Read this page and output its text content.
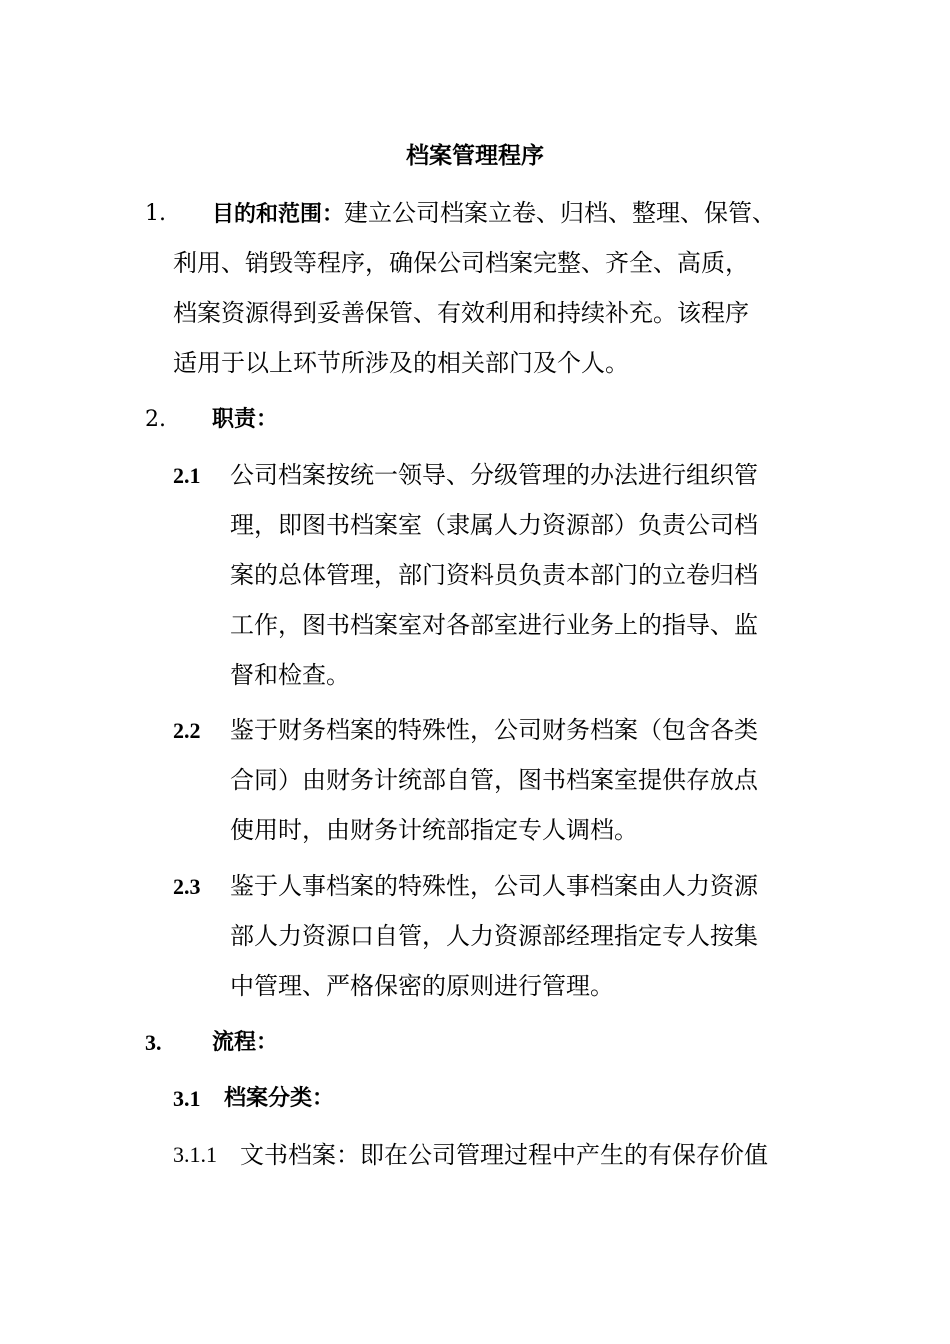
档案管理程序
1. 目的和范围：建立公司档案立卷、归档、整理、保管、
利用、销毁等程序，确保公司档案完整、齐全、高质，
档案资源得到妥善保管、有效利用和持续补充。该程序
适用于以上环节所涉及的相关部门及个人。
2. 职责：
2.1 公司档案按统一领导、分级管理的办法进行组织管
理，即图书档案室（隶属人力资源部）负责公司档
案的总体管理，部门资料员负责本部门的立卷归档
工作，图书档案室对各部室进行业务上的指导、监
督和检查。
2.2 鉴于财务档案的特殊性，公司财务档案（包含各类
合同）由财务计统部自管，图书档案室提供存放点
使用时，由财务计统部指定专人调档。
2.3 鉴于人事档案的特殊性，公司人事档案由人力资源
部人力资源口自管，人力资源部经理指定专人按集
中管理、严格保密的原则进行管理。
3. 流程：
3.1 档案分类：
3.1.1 文书档案：即在公司管理过程中产生的有保存价值
